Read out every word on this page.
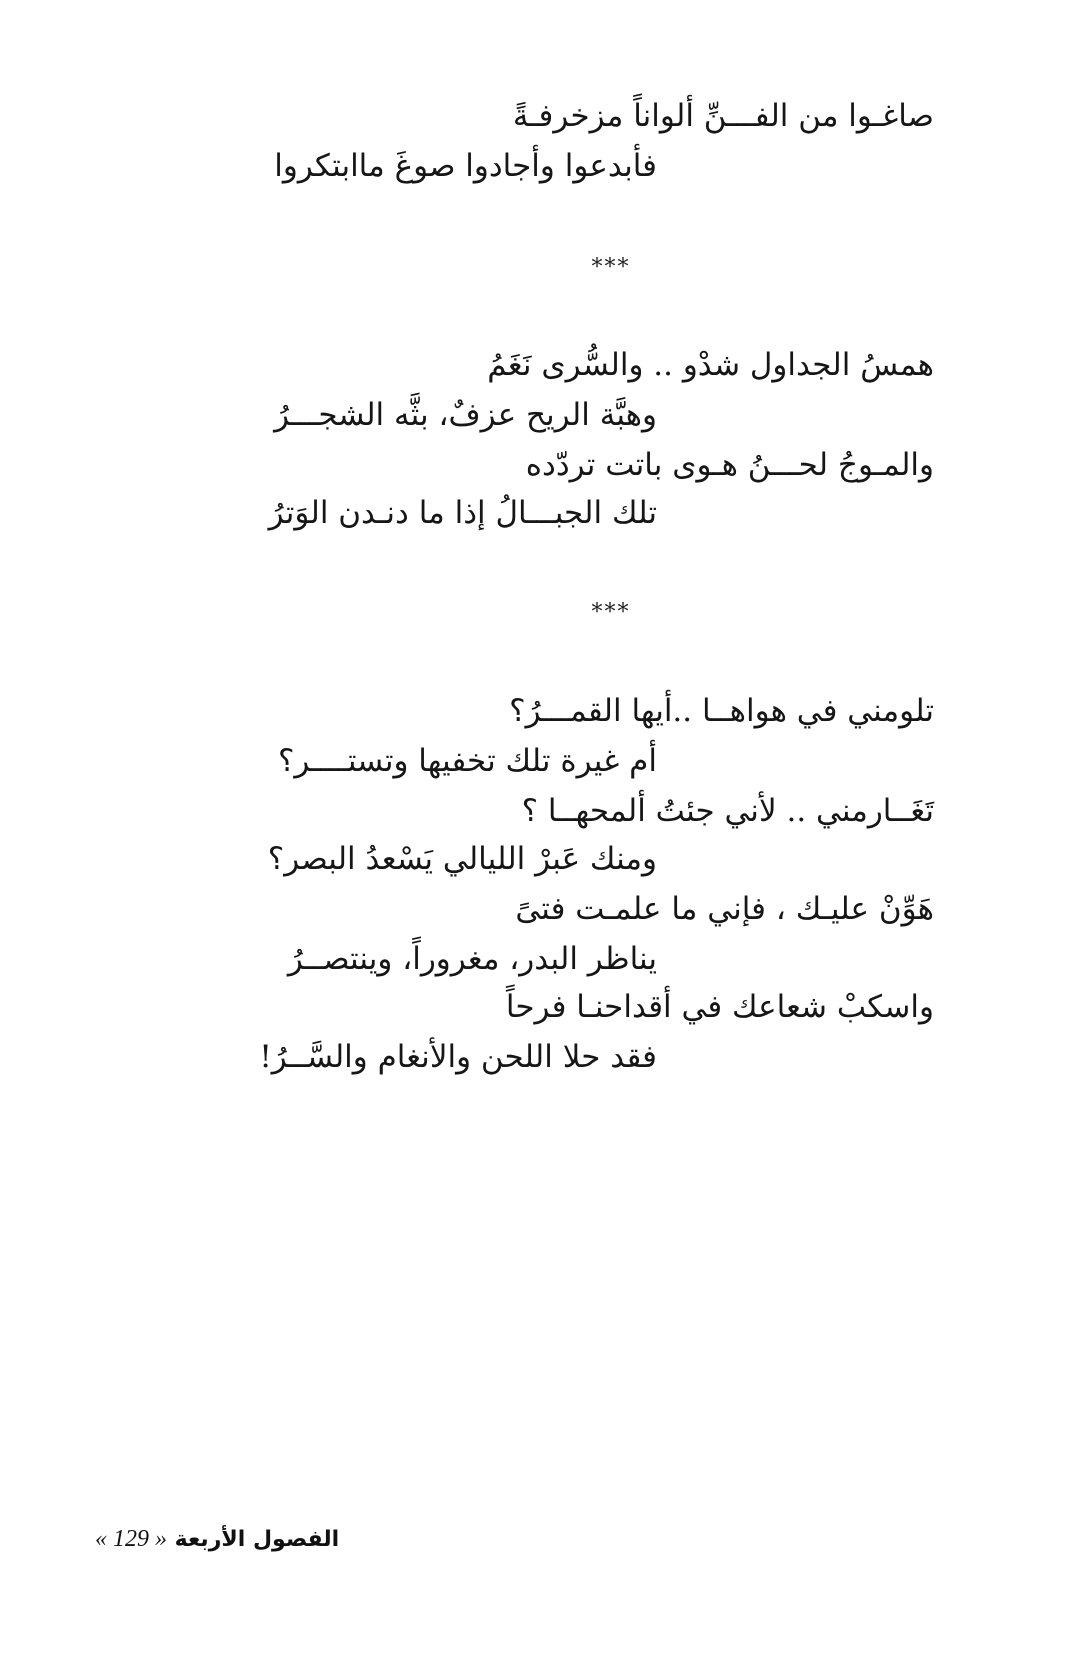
صاغـوا من الفـــنِّ ألواناً مزخرفـةً
فأبدعوا وأجادوا صوغَ ماابتكروا
***
همسُ الجداول شدْو .. والسُّرى نَغَمُ
وهبَّة الريح عزفٌ، بثَّه الشجـــرُ
والمـوجُ لحـــنُ هـوى باتت تردّده
تلك الجبـــالُ إذا ما دنـدن الوَترُ
***
تلومني في هواهــا ..أيها القمـــرُ؟
أم غيرة تلك تخفيها وتستــــر؟
تَغَــارمني .. لأني جئتُ ألمحهــا ؟
ومنك عَبرْ الليالي يَسْعدُ البصر؟
هَوِّنْ عليـك ، فإني ما علمـت فتىً
يناظر البدر، مغروراً، وينتصــرُ
واسكبْ شعاعك في أقداحنـا فرحاً
فقد حلا اللحن والأنغام والسَّــرُ!
الفصول الأربعة « 129 »
